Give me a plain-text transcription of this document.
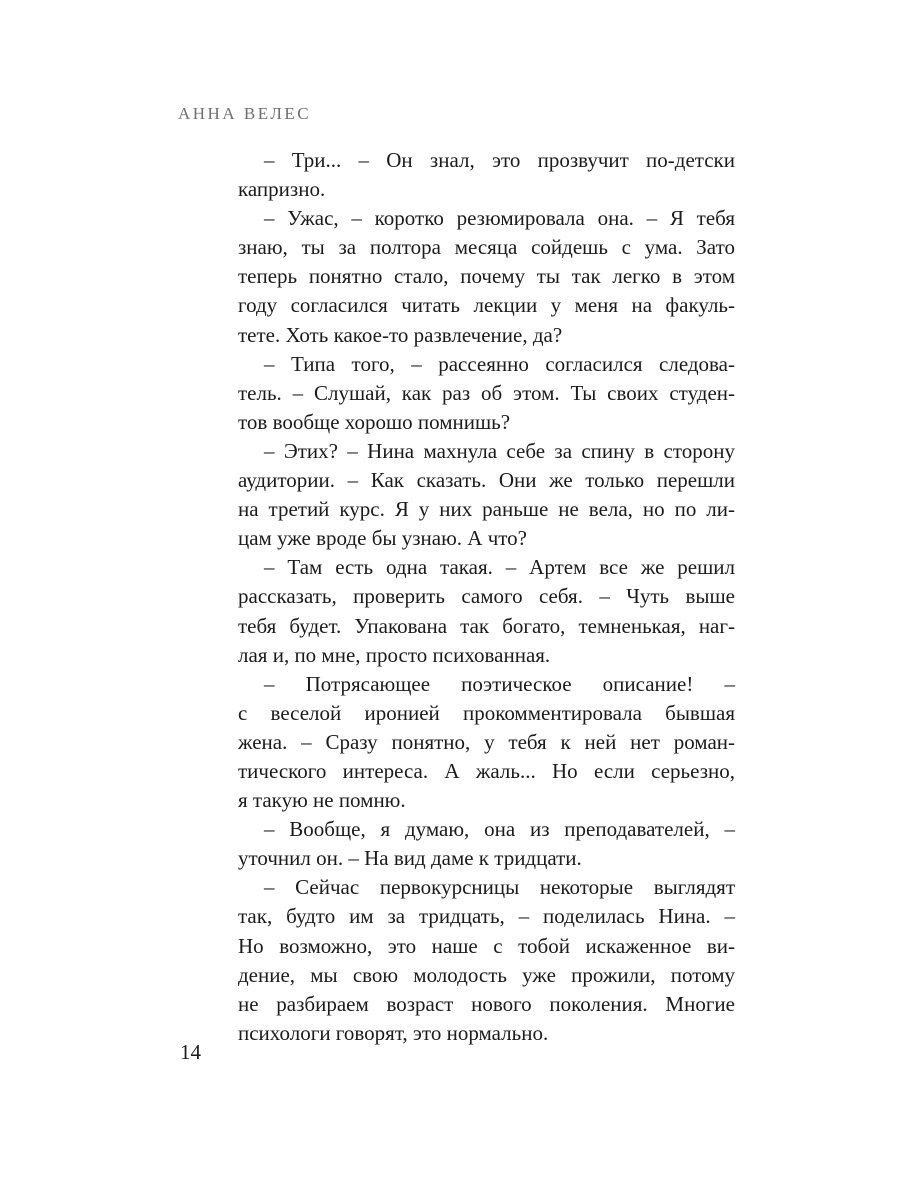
АННА ВЕЛЕС
– Три... – Он знал, это прозвучит по-детски
капризно.
– Ужас, – коротко резюмировала она. – Я тебя
знаю, ты за полтора месяца сойдешь с ума. Зато
теперь понятно стало, почему ты так легко в этом
году согласился читать лекции у меня на факуль-
тете. Хоть какое-то развлечение, да?
– Типа того, – рассеянно согласился следова-
тель. – Слушай, как раз об этом. Ты своих студен-
тов вообще хорошо помнишь?
– Этих? – Нина махнула себе за спину в сторону
аудитории. – Как сказать. Они же только перешли
на третий курс. Я у них раньше не вела, но по ли-
цам уже вроде бы узнаю. А что?
– Там есть одна такая. – Артем все же решил
рассказать, проверить самого себя. – Чуть выше
тебя будет. Упакована так богато, темненькая, наг-
лая и, по мне, просто психованная.
– Потрясающее поэтическое описание! –
с веселой иронией прокомментировала бывшая
жена. – Сразу понятно, у тебя к ней нет роман-
тического интереса. А жаль... Но если серьезно,
я такую не помню.
– Вообще, я думаю, она из преподавателей, –
уточнил он. – На вид даме к тридцати.
– Сейчас первокурсницы некоторые выглядят
так, будто им за тридцать, – поделилась Нина. –
Но возможно, это наше с тобой искаженное ви-
дение, мы свою молодость уже прожили, потому
не разбираем возраст нового поколения. Многие
психологи говорят, это нормально.
14
